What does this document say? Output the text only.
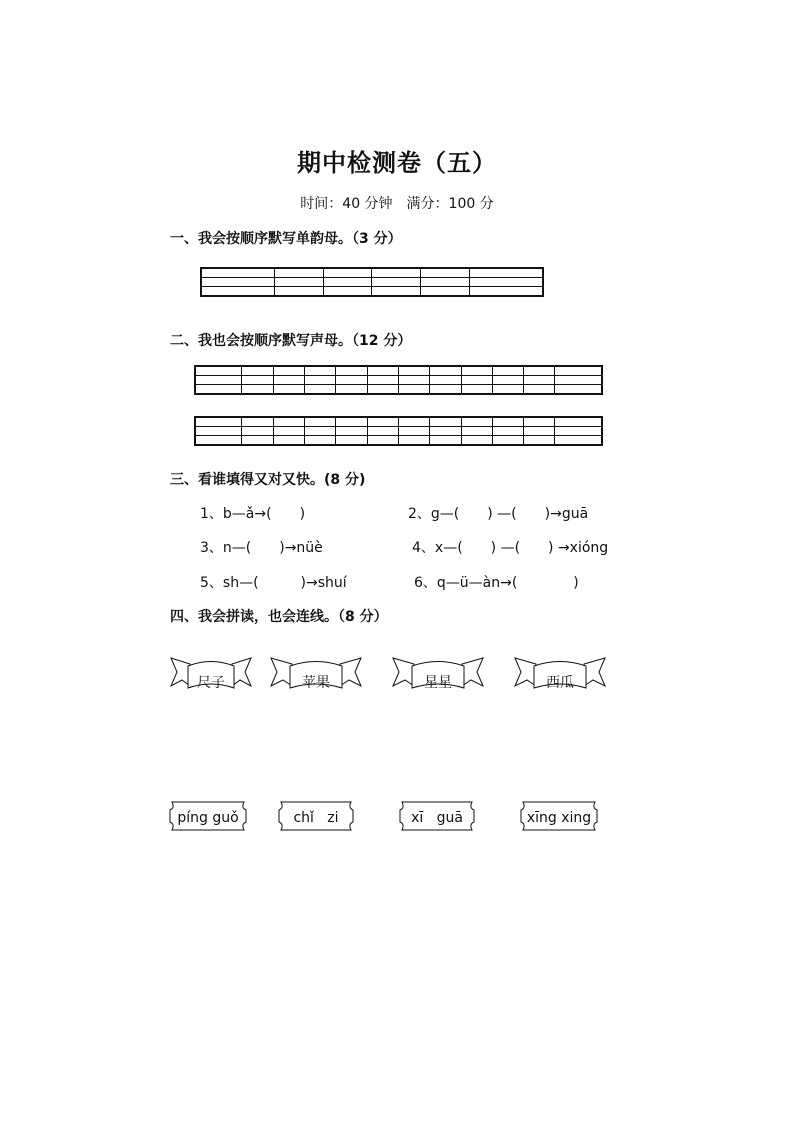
期中检测卷（五）
时间：40 分钟　满分：100 分
一、我会按顺序默写单韵母。（3 分）

二、我也会按顺序默写声母。（12 分）

三、看谁填得又对又快。(8 分)
1、b—ǎ→(　　)	2、g—(　　) —(　　)→guā
3、n—(　　)→nüè	4、x—(　　) —(　　) →xióng
5、sh—(　　　)→shuí	6、q—ü—àn→(　　　　)
四、我会拼读，也会连线。（8 分）
尺子	苹果	星星	西瓜
píng guǒ	chǐ   zi	xī   guā	xīng xing
